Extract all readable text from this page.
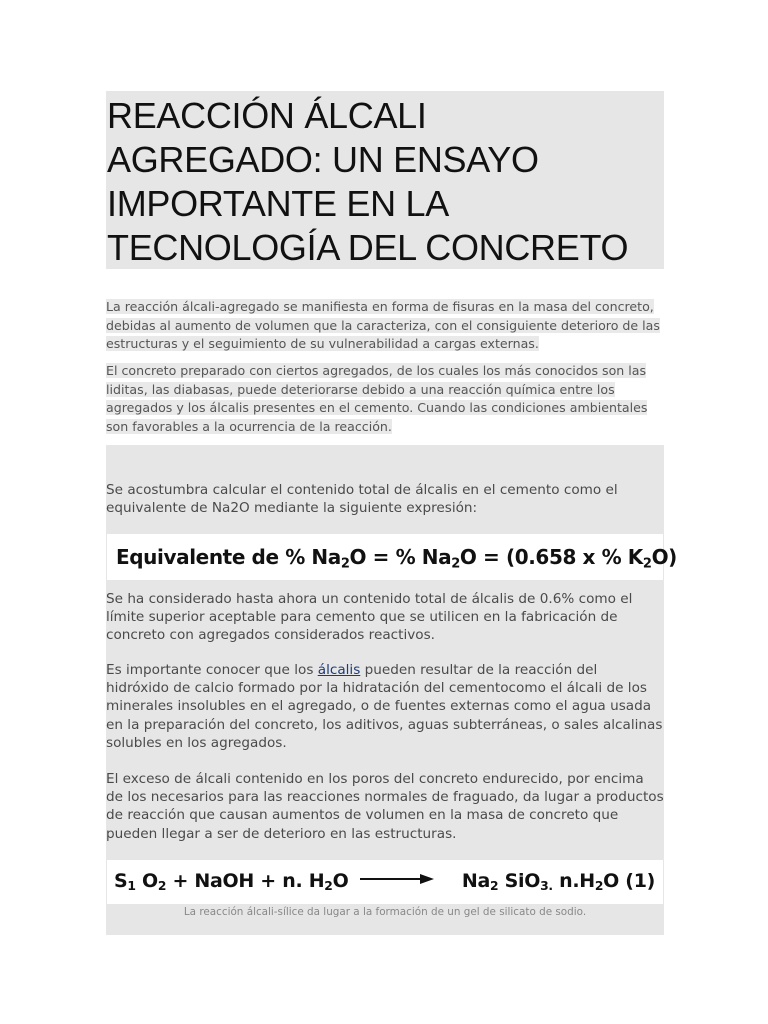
REACCIÓN ÁLCALI
AGREGADO: UN ENSAYO
IMPORTANTE EN LA
TECNOLOGÍA DEL CONCRETO

La reacción álcali-agregado se manifiesta en forma de fisuras en la masa del concreto, debidas al aumento de volumen que la caracteriza, con el consiguiente deterioro de las estructuras y el seguimiento de su vulnerabilidad a cargas externas.

El concreto preparado con ciertos agregados, de los cuales los más conocidos son las liditas, las diabasas, puede deteriorarse debido a una reacción química entre los agregados y los álcalis presentes en el cemento. Cuando las condiciones ambientales son favorables a la ocurrencia de la reacción.

Se acostumbra calcular el contenido total de álcalis en el cemento como el equivalente de Na2O mediante la siguiente expresión:

Equivalente de % $Na_2O$ = % $Na_2O = (0.658$ x % $K_2O$)

Se ha considerado hasta ahora un contenido total de álcalis de 0.6% como el límite superior aceptable para cemento que se utilicen en la fabricación de concreto con agregados considerados reactivos.

Es importante conocer que los álcalis pueden resultar de la reacción del hidróxido de calcio formado por la hidratación del cementocomo el álcali de los minerales insolubles en el agregado, o de fuentes externas como el agua usada en la preparación del concreto, los aditivos, aguas subterráneas, o sales alcalinas solubles en los agregados.

El exceso de álcali contenido en los poros del concreto endurecido, por encima de los necesarios para las reacciones normales de fraguado, da lugar a productos de reacción que causan aumentos de volumen en la masa de concreto que pueden llegar a ser de deterioro en las estructuras.

$S_1$ $O_2$ + NaOH + n. $H_2O \to Na_2$ SiO$_{3.}$ $n.H_2O$ (1)

La reacción álcali-sílice da lugar a la formación de un gel de silicato de sodio.
